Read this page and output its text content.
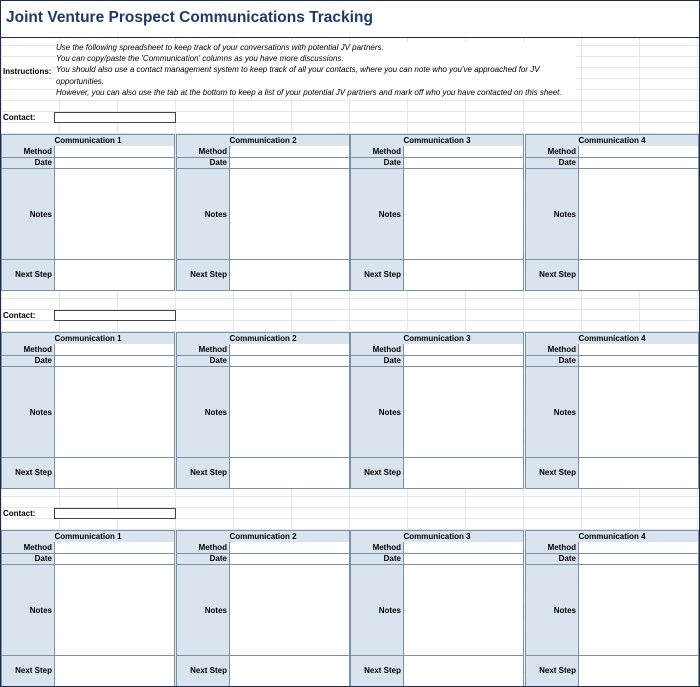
Joint Venture Prospect Communications Tracking
Instructions:
Use the following spreadsheet to keep track of your conversations with potential JV partners.
You can copy/paste the 'Communication' columns as you have more discussions.
You should also use a contact management system to keep track of all your contacts, where you can note who you've approached for JV
opportunities.
However, you can also use the tab at the bottom to keep a list of your potential JV partners and mark off who you have contacted on this sheet.
Contact:
Communication 1
Method
Date
Notes
Next Step
Communication 2
Method
Date
Notes
Next Step
Communication 3
Method
Date
Notes
Next Step
Communication 4
Method
Date
Notes
Next Step
Contact:
Communication 1
Method
Date
Notes
Next Step
Communication 2
Method
Date
Notes
Next Step
Communication 3
Method
Date
Notes
Next Step
Communication 4
Method
Date
Notes
Next Step
Contact:
Communication 1
Method
Date
Notes
Next Step
Communication 2
Method
Date
Notes
Next Step
Communication 3
Method
Date
Notes
Next Step
Communication 4
Method
Date
Notes
Next Step
